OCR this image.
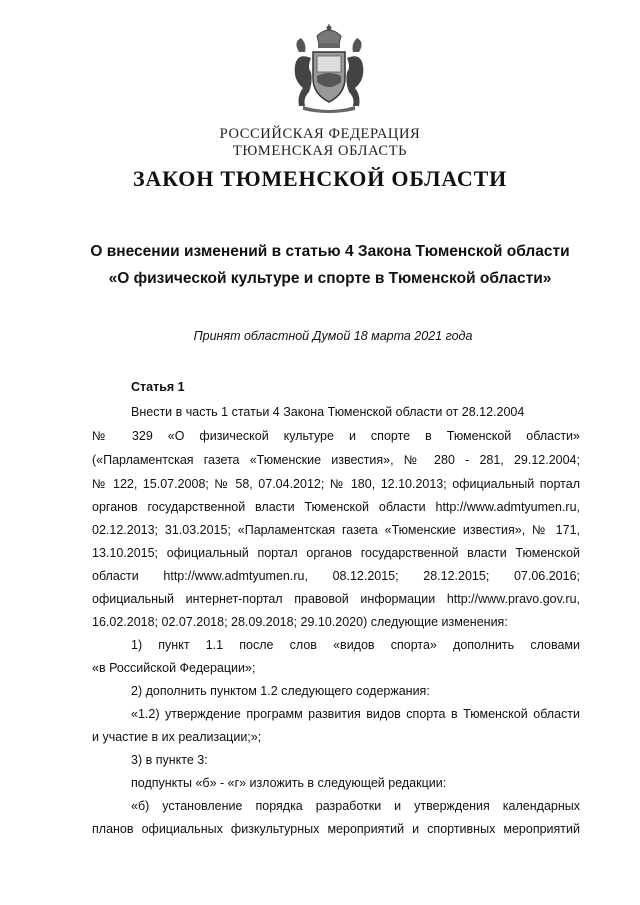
РОССИЙСКАЯ ФЕДЕРАЦИЯ
ТЮМЕНСКАЯ ОБЛАСТЬ
ЗАКОН ТЮМЕНСКОЙ ОБЛАСТИ
О внесении изменений в статью 4 Закона Тюменской области
«О физической культуре и спорте в Тюменской области»
Принят областной Думой 18 марта 2021 года
Статья 1
Внести в часть 1 статьи 4 Закона Тюменской области от 28.12.2004
№ 329 «О физической культуре и спорте в Тюменской области»
(«Парламентская газета «Тюменские известия», № 280 - 281, 29.12.2004;
№ 122, 15.07.2008; № 58, 07.04.2012; № 180, 12.10.2013; официальный портал
органов государственной власти Тюменской области http://www.admtyumen.ru,
02.12.2013; 31.03.2015; «Парламентская газета «Тюменские известия», № 171,
13.10.2015; официальный портал органов государственной власти Тюменской
области http://www.admtyumen.ru, 08.12.2015; 28.12.2015; 07.06.2016;
официальный интернет-портал правовой информации http://www.pravo.gov.ru,
16.02.2018; 02.07.2018; 28.09.2018; 29.10.2020) следующие изменения:
1) пункт 1.1 после слов «видов спорта» дополнить словами
«в Российской Федерации»;
2) дополнить пунктом 1.2 следующего содержания:
«1.2) утверждение программ развития видов спорта в Тюменской области
и участие в их реализации;»;
3) в пункте 3:
подпункты «б» - «г» изложить в следующей редакции:
«б) установление порядка разработки и утверждения календарных
планов официальных физкультурных мероприятий и спортивных мероприятий
